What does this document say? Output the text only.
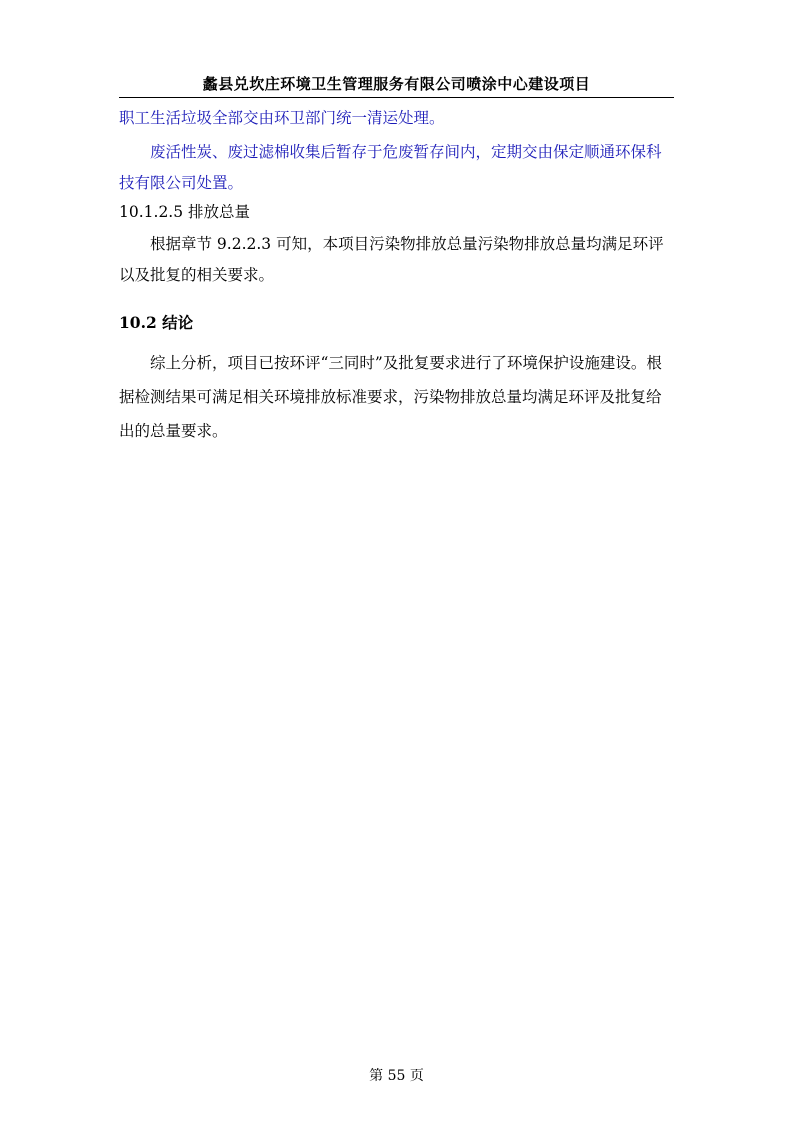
蠡县兑坎庄环境卫生管理服务有限公司喷涂中心建设项目
职工生活垃圾全部交由环卫部门统一清运处理。
废活性炭、废过滤棉收集后暂存于危废暂存间内，定期交由保定顺通环保科
技有限公司处置。
10.1.2.5 排放总量
根据章节 9.2.2.3 可知，本项目污染物排放总量污染物排放总量均满足环评
以及批复的相关要求。
10.2 结论
综上分析，项目已按环评“三同时”及批复要求进行了环境保护设施建设。根
据检测结果可满足相关环境排放标准要求，污染物排放总量均满足环评及批复给
出的总量要求。
第 55 页
